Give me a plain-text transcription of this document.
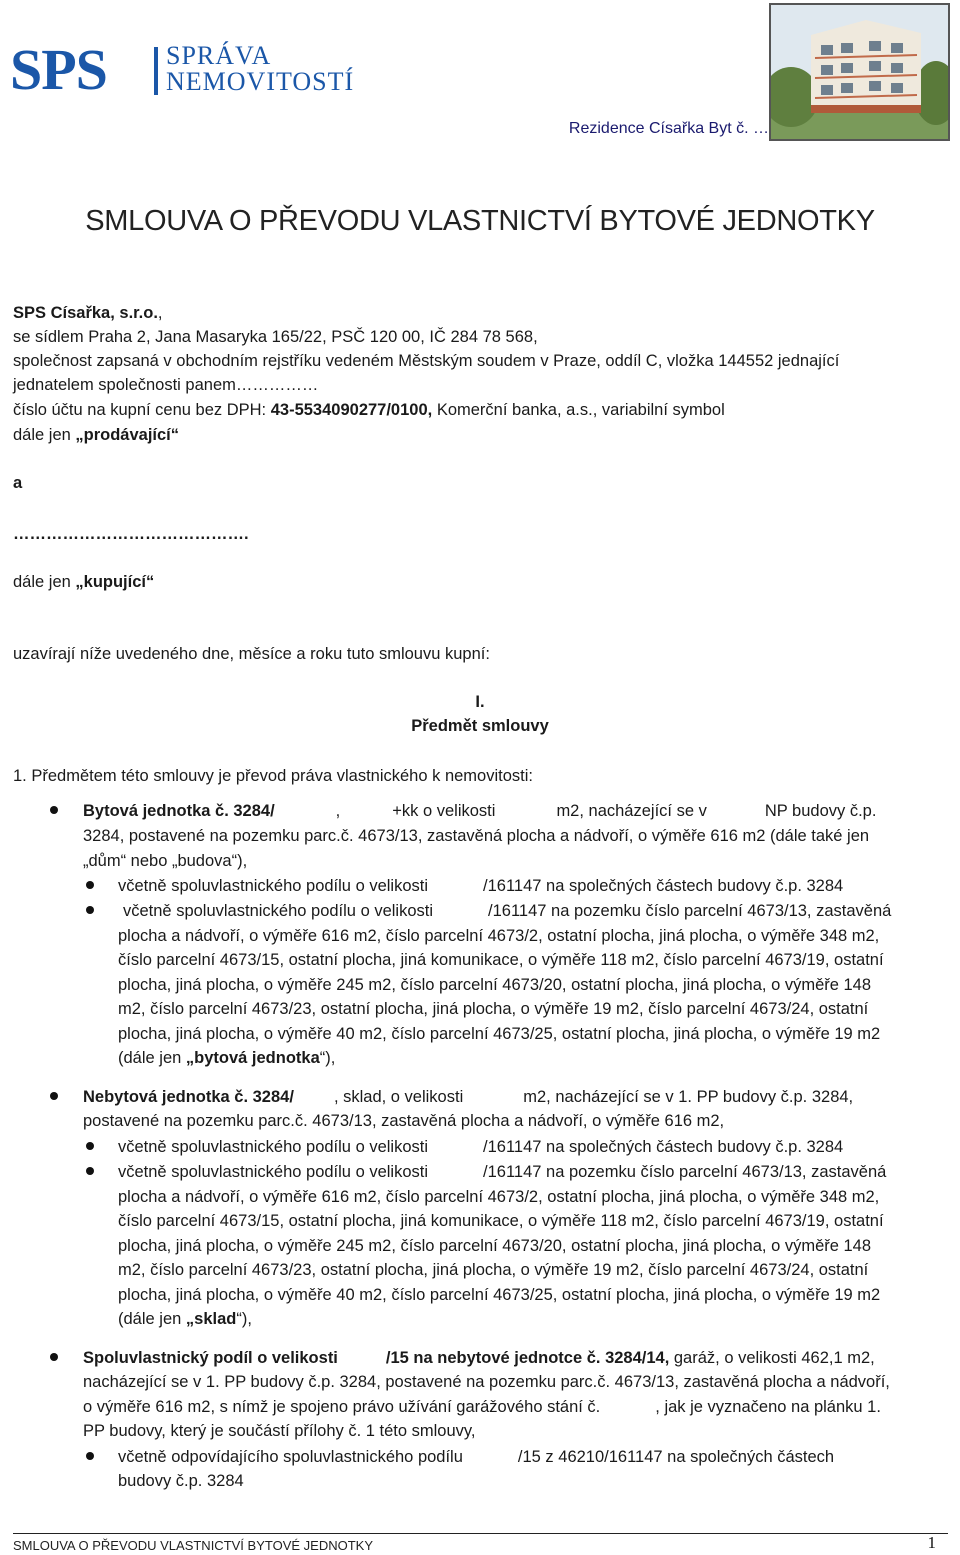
SPS SPRÁVA
NEMOVITOSTÍ
Rezidence Císařka Byt č. …
SMLOUVA O PŘEVODU VLASTNICTVÍ BYTOVÉ JEDNOTKY
SPS Císařka, s.r.o.,
se sídlem Praha 2, Jana Masaryka 165/22, PSČ 120 00, IČ 284 78 568,
společnost zapsaná v obchodním rejstříku vedeném Městským soudem v Praze, oddíl C, vložka 144552 jednající
jednatelem společnosti panem……………
číslo účtu na kupní cenu bez DPH: 43-5534090277/0100, Komerční banka, a.s., variabilní symbol
dále jen „prodávající“
a
…………………………………….
dále jen „kupující“
uzavírají níže uvedeného dne, měsíce a roku tuto smlouvu kupní:
I.
Předmět smlouvy
1. Předmětem této smlouvy je převod práva vlastnického k nemovitosti:
Bytová jednotka č. 3284/	,	+kk o velikosti	m2, nacházející se v	NP budovy č.p.
3284, postavené na pozemku parc.č. 4673/13, zastavěná plocha a nádvoří, o výměře 616 m2 (dále také jen
„dům“ nebo „budova“),
včetně spoluvlastnického podílu o velikosti	/161147 na společných částech budovy č.p. 3284
včetně spoluvlastnického podílu o velikosti	/161147 na pozemku číslo parcelní 4673/13, zastavěná
plocha a nádvoří, o výměře 616 m2, číslo parcelní 4673/2, ostatní plocha, jiná plocha, o výměře 348 m2,
číslo parcelní 4673/15, ostatní plocha, jiná komunikace, o výměře 118 m2, číslo parcelní 4673/19, ostatní
plocha, jiná plocha, o výměře 245 m2, číslo parcelní 4673/20, ostatní plocha, jiná plocha, o výměře 148
m2, číslo parcelní 4673/23, ostatní plocha, jiná plocha, o výměře 19 m2, číslo parcelní 4673/24, ostatní
plocha, jiná plocha, o výměře 40 m2, číslo parcelní 4673/25, ostatní plocha, jiná plocha, o výměře 19 m2
(dále jen „bytová jednotka“),
Nebytová jednotka č. 3284/ , sklad, o velikosti	m2, nacházející se v 1. PP budovy č.p. 3284,
postavené na pozemku parc.č. 4673/13, zastavěná plocha a nádvoří, o výměře 616 m2,
včetně spoluvlastnického podílu o velikosti	/161147 na společných částech budovy č.p. 3284
včetně spoluvlastnického podílu o velikosti	/161147 na pozemku číslo parcelní 4673/13, zastavěná
plocha a nádvoří, o výměře 616 m2, číslo parcelní 4673/2, ostatní plocha, jiná plocha, o výměře 348 m2,
číslo parcelní 4673/15, ostatní plocha, jiná komunikace, o výměře 118 m2, číslo parcelní 4673/19, ostatní
plocha, jiná plocha, o výměře 245 m2, číslo parcelní 4673/20, ostatní plocha, jiná plocha, o výměře 148
m2, číslo parcelní 4673/23, ostatní plocha, jiná plocha, o výměře 19 m2, číslo parcelní 4673/24, ostatní
plocha, jiná plocha, o výměře 40 m2, číslo parcelní 4673/25, ostatní plocha, jiná plocha, o výměře 19 m2
(dále jen „sklad“),
Spoluvlastnický podíl o velikosti	/15 na nebytové jednotce č. 3284/14, garáž, o velikosti 462,1 m2,
nacházející se v 1. PP budovy č.p. 3284, postavené na pozemku parc.č. 4673/13, zastavěná plocha a nádvoří,
o výměře 616 m2, s nímž je spojeno právo užívání garážového stání č.	, jak je vyznačeno na plánku 1.
PP budovy, který je součástí přílohy č. 1 této smlouvy,
včetně odpovídajícího spoluvlastnického podílu	/15 z 46210/161147 na společných částech
budovy č.p. 3284
SMLOUVA O PŘEVODU VLASTNICTVÍ BYTOVÉ JEDNOTKY	1
